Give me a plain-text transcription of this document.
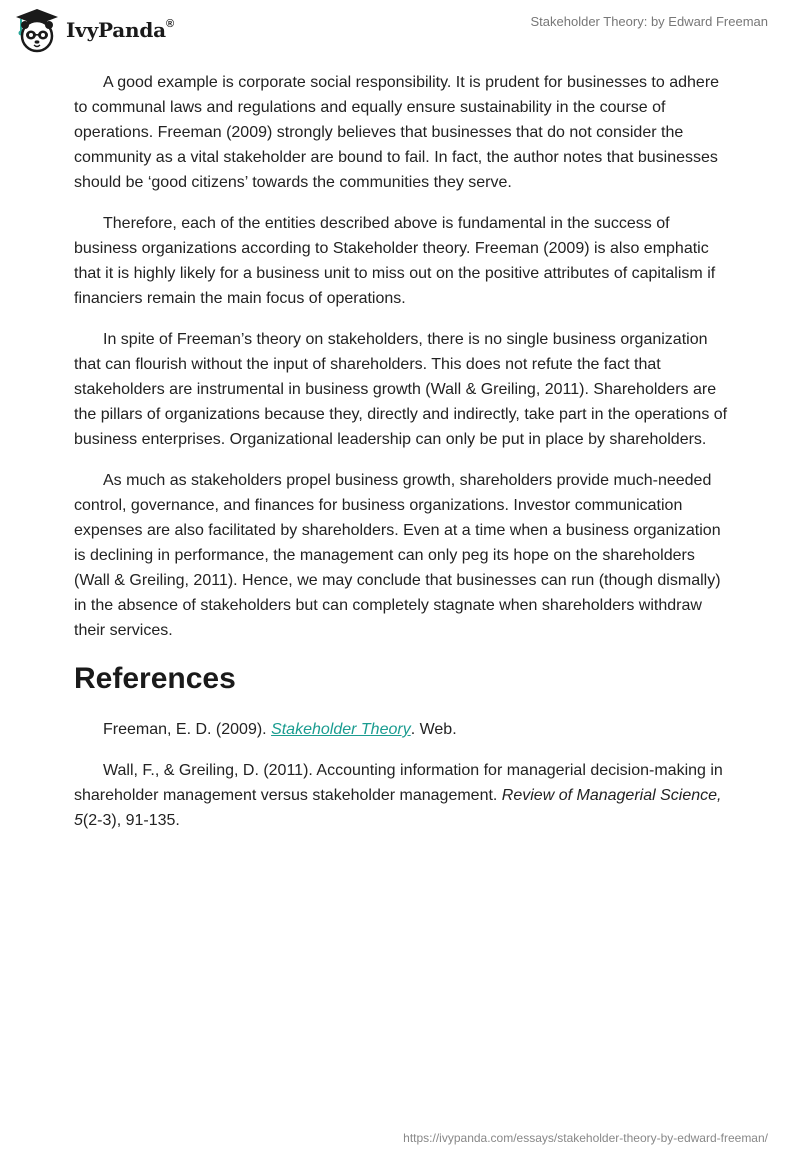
IvyPanda®	Stakeholder Theory: by Edward Freeman

A good example is corporate social responsibility. It is prudent for businesses to adhere to communal laws and regulations and equally ensure sustainability in the course of operations. Freeman (2009) strongly believes that businesses that do not consider the community as a vital stakeholder are bound to fail. In fact, the author notes that businesses should be ‘good citizens’ towards the communities they serve.

Therefore, each of the entities described above is fundamental in the success of business organizations according to Stakeholder theory. Freeman (2009) is also emphatic that it is highly likely for a business unit to miss out on the positive attributes of capitalism if financiers remain the main focus of operations.

In spite of Freeman’s theory on stakeholders, there is no single business organization that can flourish without the input of shareholders. This does not refute the fact that stakeholders are instrumental in business growth (Wall & Greiling, 2011). Shareholders are the pillars of organizations because they, directly and indirectly, take part in the operations of business enterprises. Organizational leadership can only be put in place by shareholders.

As much as stakeholders propel business growth, shareholders provide much-needed control, governance, and finances for business organizations. Investor communication expenses are also facilitated by shareholders. Even at a time when a business organization is declining in performance, the management can only peg its hope on the shareholders (Wall & Greiling, 2011). Hence, we may conclude that businesses can run (though dismally) in the absence of stakeholders but can completely stagnate when shareholders withdraw their services.

References

Freeman, E. D. (2009). Stakeholder Theory. Web.

Wall, F., & Greiling, D. (2011). Accounting information for managerial decision-making in shareholder management versus stakeholder management. Review of Managerial Science, 5(2-3), 91-135.

https://ivypanda.com/essays/stakeholder-theory-by-edward-freeman/
